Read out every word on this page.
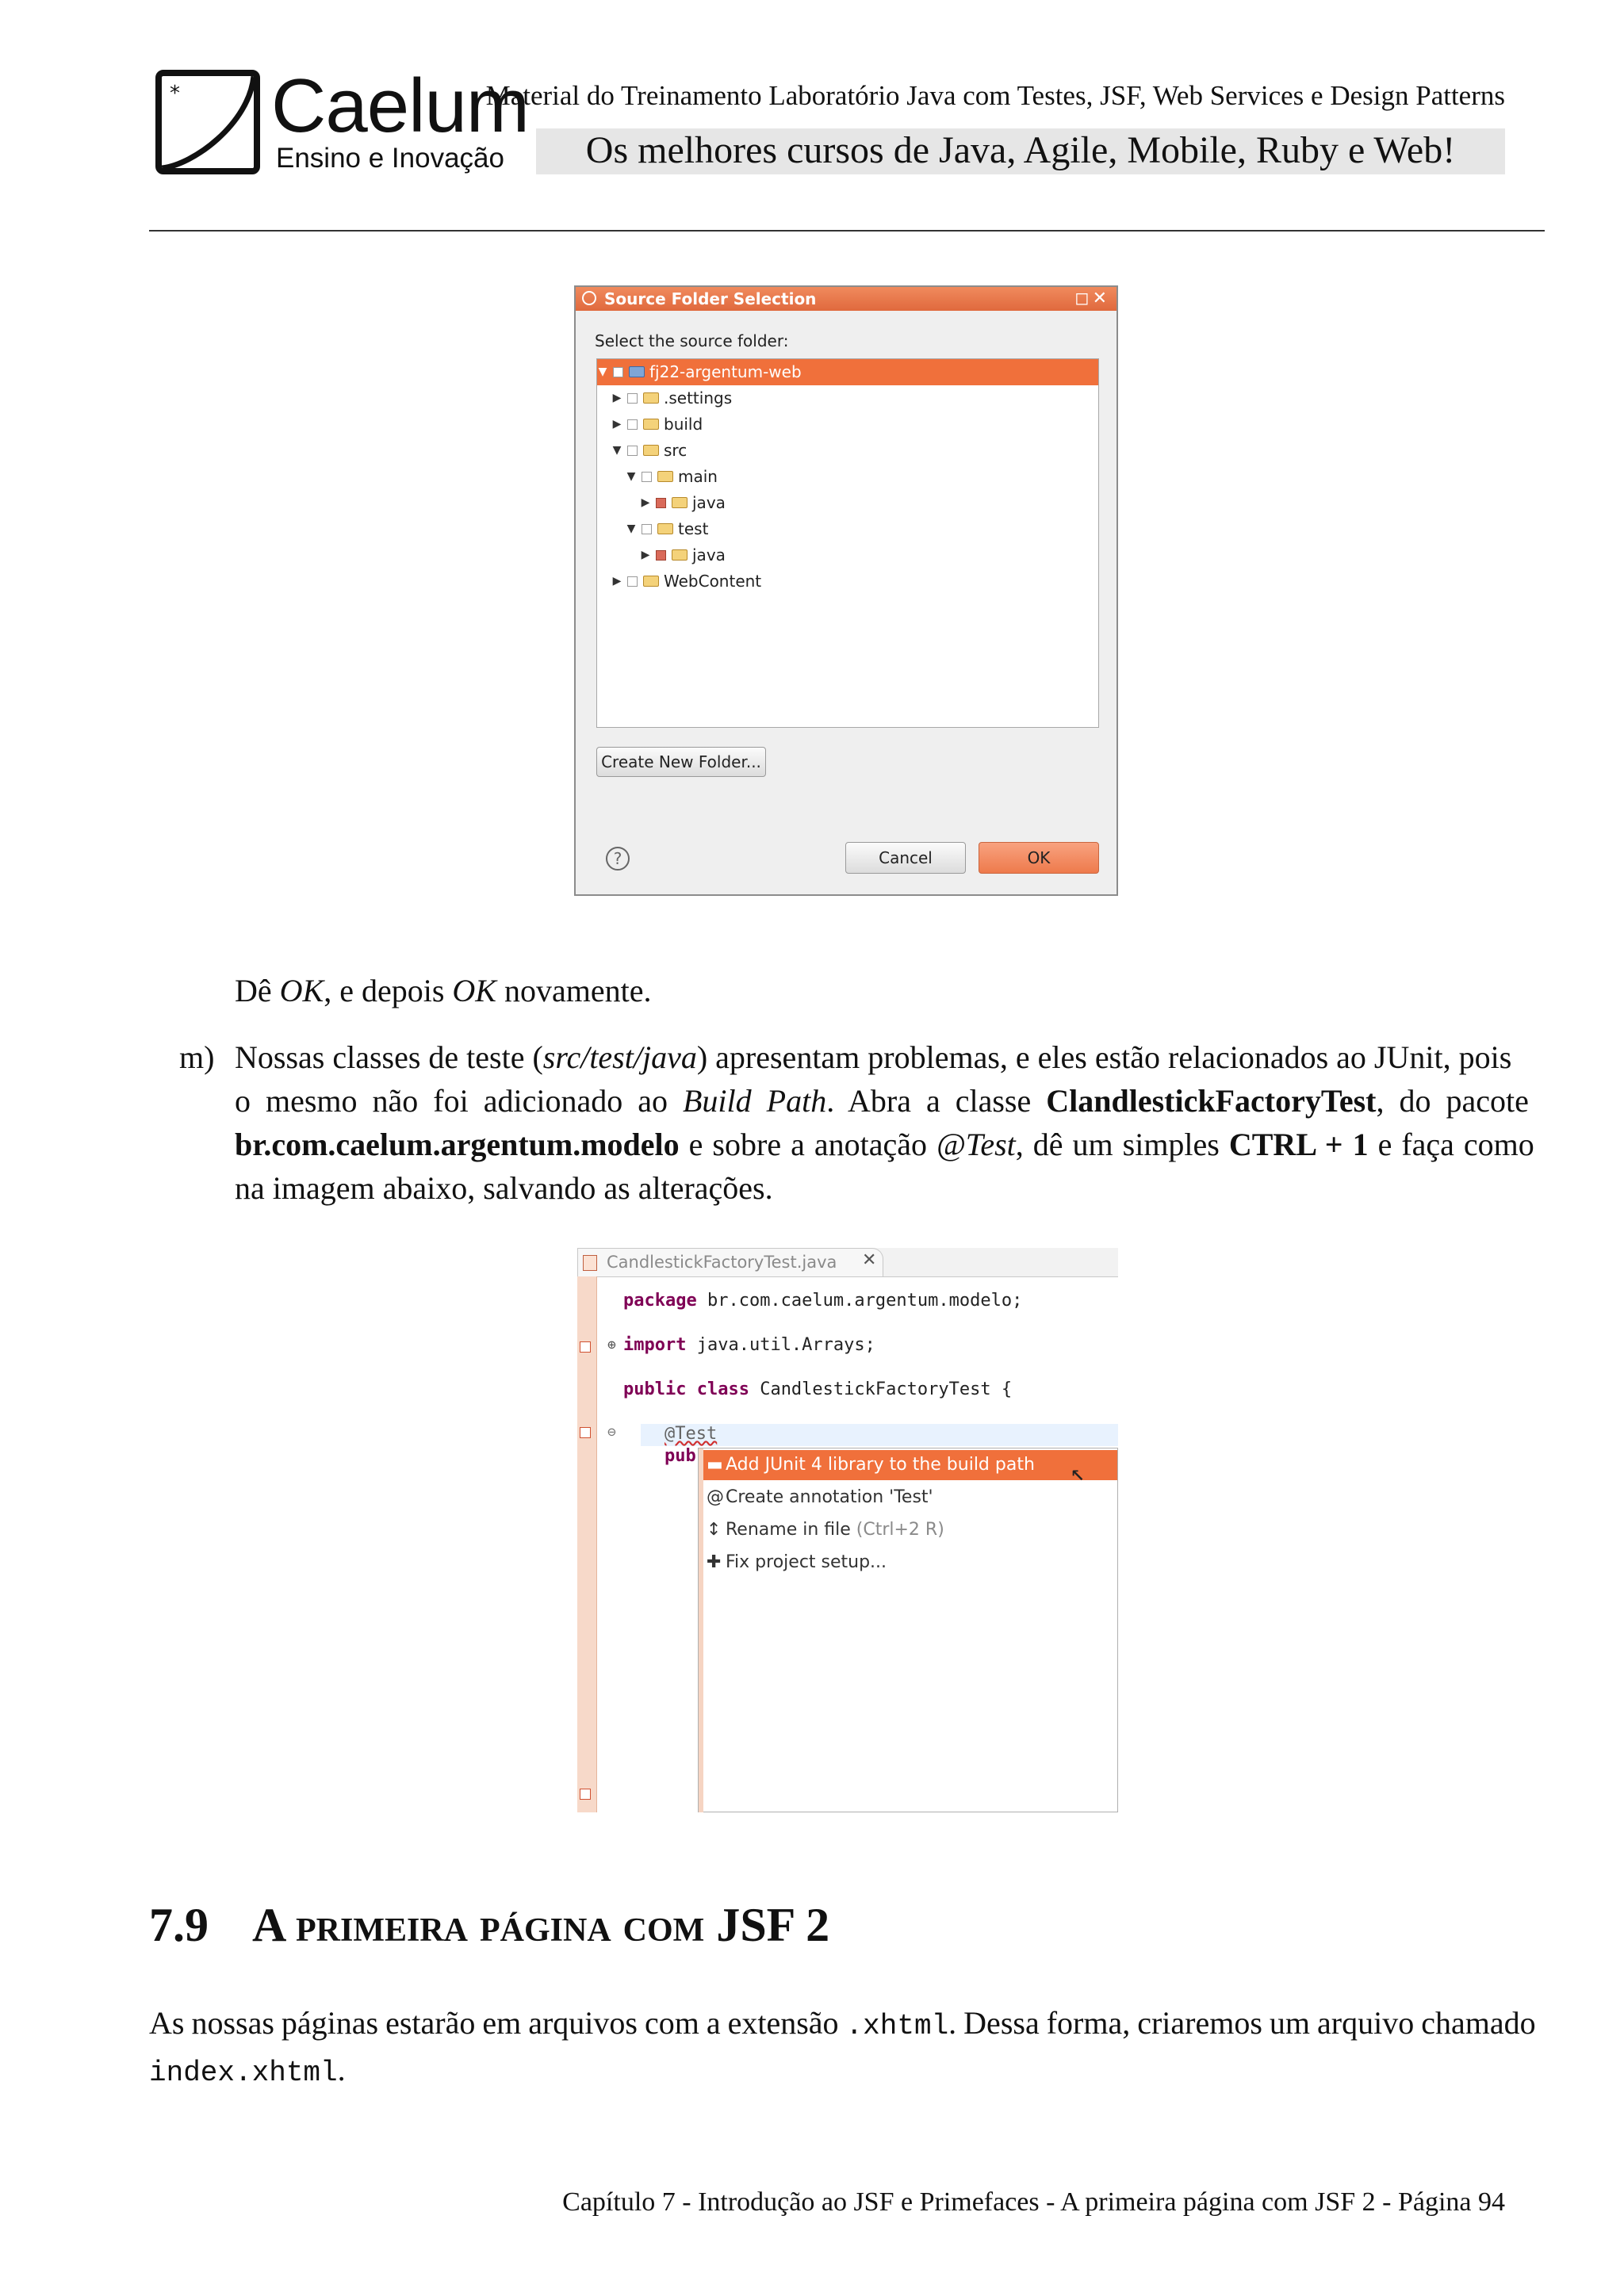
* Caelum
Ensino e Inovação
Material do Treinamento Laboratório Java com Testes, JSF, Web Services e Design Patterns
Os melhores cursos de Java, Agile, Mobile, Ruby e Web!
Source Folder Selection	◻✕
Select the source folder:
▼	fj22-argentum-web
▶	.settings
▶	build
▼	src
▼	main
▶	java
▼	test
▶	java
▶	WebContent
Create New Folder...
?	Cancel	OK
Dê OK, e depois OK novamente.
m) Nossas classes de teste (src/test/java) apresentam problemas, e eles estão relacionados ao JUnit, pois
o mesmo não foi adicionado ao Build Path. Abra a classe ClandlestickFactoryTest, do pacote
br.com.caelum.argentum.modelo e sobre a anotação @Test, dê um simples CTRL + 1 e faça como
na imagem abaixo, salvando as alterações.
CandlestickFactoryTest.java ✕
⊕
⊖
package br.com.caelum.argentum.modelo;
import java.util.Arrays;
public class CandlestickFactoryTest {
@Test
pub ▬ Add JUnit 4 library to the build path
@ Create annotation 'Test'
↕ Rename in file (Ctrl+2 R)
✚ Fix project setup...
↖
7.9 A primeira página com JSF 2
As nossas páginas estarão em arquivos com a extensão .xhtml. Dessa forma, criaremos um arquivo chamado
index.xhtml.
Capítulo 7 - Introdução ao JSF e Primefaces - A primeira página com JSF 2 - Página 94
